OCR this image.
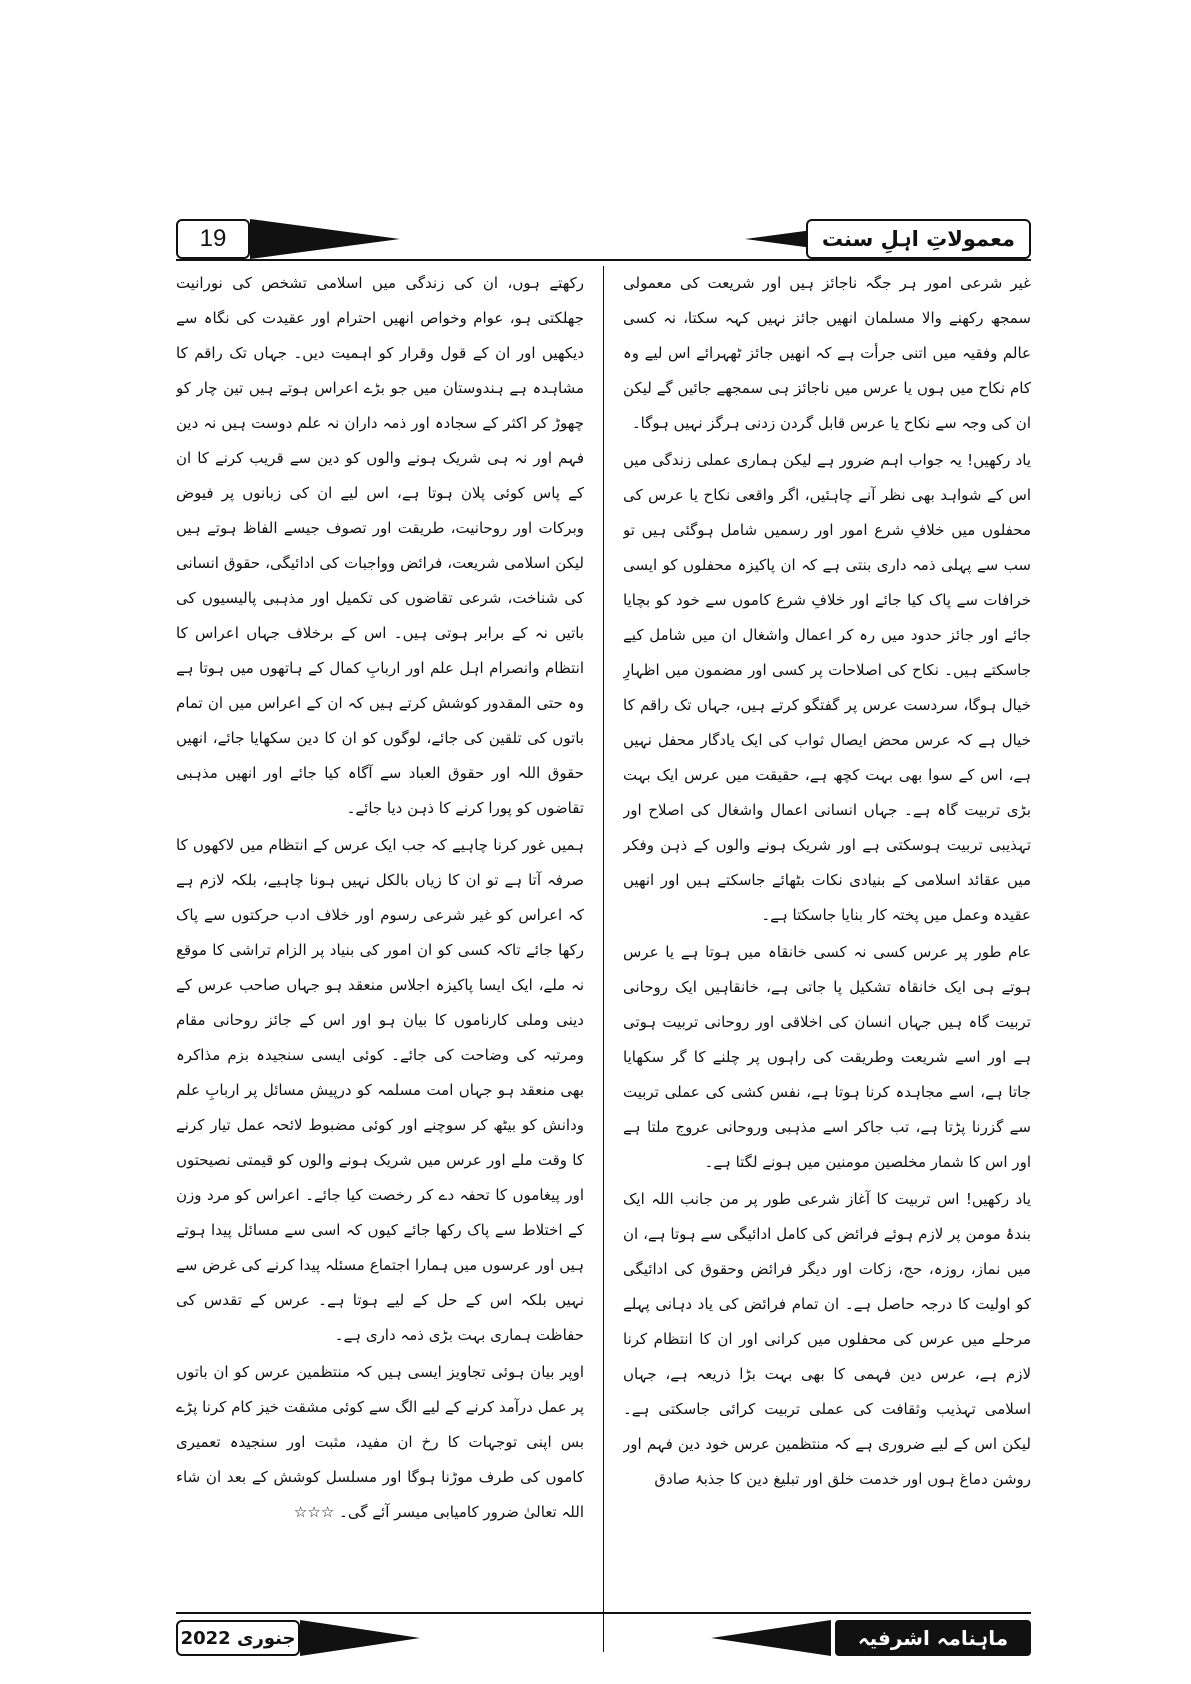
19	معمولاتِ اہلِ سنت

غیر شرعی امور ہر جگہ ناجائز ہیں اور شریعت کی معمولی سمجھ رکھنے والا مسلمان انھیں جائز نہیں کہہ سکتا، نہ کسی عالم وفقیہ میں اتنی جرأت ہے کہ انھیں جائز ٹھہرائے اس لیے وہ کام نکاح میں ہوں یا عرس میں ناجائز ہی سمجھے جائیں گے لیکن ان کی وجہ سے نکاح یا عرس قابل گردن زدنی ہرگز نہیں ہوگا۔

یاد رکھیں! یہ جواب اہم ضرور ہے لیکن ہماری عملی زندگی میں اس کے شواہد بھی نظر آنے چاہئیں، اگر واقعی نکاح یا عرس کی محفلوں میں خلافِ شرع امور اور رسمیں شامل ہوگئی ہیں تو سب سے پہلی ذمہ داری بنتی ہے کہ ان پاکیزہ محفلوں کو ایسی خرافات سے پاک کیا جائے اور خلافِ شرع کاموں سے خود کو بچایا جائے اور جائز حدود میں رہ کر اعمال واشغال ان میں شامل کیے جاسکتے ہیں۔ نکاح کی اصلاحات پر کسی اور مضمون میں اظہارِ خیال ہوگا، سردست عرس پر گفتگو کرتے ہیں، جہاں تک راقم کا خیال ہے کہ عرس محض ایصال ثواب کی ایک یادگار محفل نہیں ہے، اس کے سوا بھی بہت کچھ ہے، حقیقت میں عرس ایک بہت بڑی تربیت گاہ ہے۔ جہاں انسانی اعمال واشغال کی اصلاح اور تہذیبی تربیت ہوسکتی ہے اور شریک ہونے والوں کے ذہن وفکر میں عقائد اسلامی کے بنیادی نکات بٹھائے جاسکتے ہیں اور انھیں عقیدہ وعمل میں پختہ کار بنایا جاسکتا ہے۔

عام طور پر عرس کسی نہ کسی خانقاہ میں ہوتا ہے یا عرس ہوتے ہی ایک خانقاہ تشکیل پا جاتی ہے، خانقاہیں ایک روحانی تربیت گاہ ہیں جہاں انسان کی اخلاقی اور روحانی تربیت ہوتی ہے اور اسے شریعت وطریقت کی راہوں پر چلنے کا گر سکھایا جاتا ہے، اسے مجاہدہ کرنا ہوتا ہے، نفس کشی کی عملی تربیت سے گزرنا پڑتا ہے، تب جاکر اسے مذہبی وروحانی عروج ملتا ہے اور اس کا شمار مخلصین مومنین میں ہونے لگتا ہے۔

یاد رکھیں! اس تربیت کا آغاز شرعی طور پر من جانب اللہ ایک بندۂ مومن پر لازم ہوئے فرائض کی کامل ادائیگی سے ہوتا ہے، ان میں نماز، روزہ، حج، زکات اور دیگر فرائض وحقوق کی ادائیگی کو اولیت کا درجہ حاصل ہے۔ ان تمام فرائض کی یاد دہانی پہلے مرحلے میں عرس کی محفلوں میں کرانی اور ان کا انتظام کرنا لازم ہے، عرس دین فہمی کا بھی بہت بڑا ذریعہ ہے، جہاں اسلامی تہذیب وثقافت کی عملی تربیت کرائی جاسکتی ہے۔ لیکن اس کے لیے ضروری ہے کہ منتظمین عرس خود دین فہم اور روشن دماغ ہوں اور خدمت خلق اور تبلیغ دین کا جذبۂ صادق

رکھتے ہوں، ان کی زندگی میں اسلامی تشخص کی نورانیت جھلکتی ہو، عوام وخواص انھیں احترام اور عقیدت کی نگاہ سے دیکھیں اور ان کے قول وقرار کو اہمیت دیں۔ جہاں تک راقم کا مشاہدہ ہے ہندوستان میں جو بڑے اعراس ہوتے ہیں تین چار کو چھوڑ کر اکثر کے سجادہ اور ذمہ داران نہ علم دوست ہیں نہ دین فہم اور نہ ہی شریک ہونے والوں کو دین سے قریب کرنے کا ان کے پاس کوئی پلان ہوتا ہے، اس لیے ان کی زبانوں پر فیوض وبرکات اور روحانیت، طریقت اور تصوف جیسے الفاظ ہوتے ہیں لیکن اسلامی شریعت، فرائض وواجبات کی ادائیگی، حقوق انسانی کی شناخت، شرعی تقاضوں کی تکمیل اور مذہبی پالیسیوں کی باتیں نہ کے برابر ہوتی ہیں۔ اس کے برخلاف جہاں اعراس کا انتظام وانصرام اہل علم اور اربابِ کمال کے ہاتھوں میں ہوتا ہے وہ حتی المقدور کوشش کرتے ہیں کہ ان کے اعراس میں ان تمام باتوں کی تلقین کی جائے، لوگوں کو ان کا دین سکھایا جائے، انھیں حقوق اللہ اور حقوق العباد سے آگاہ کیا جائے اور انھیں مذہبی تقاضوں کو پورا کرنے کا ذہن دیا جائے۔

ہمیں غور کرنا چاہیے کہ جب ایک عرس کے انتظام میں لاکھوں کا صرفہ آتا ہے تو ان کا زیاں بالکل نہیں ہونا چاہیے، بلکہ لازم ہے کہ اعراس کو غیر شرعی رسوم اور خلاف ادب حرکتوں سے پاک رکھا جائے تاکہ کسی کو ان امور کی بنیاد پر الزام تراشی کا موقع نہ ملے، ایک ایسا پاکیزہ اجلاس منعقد ہو جہاں صاحب عرس کے دینی وملی کارناموں کا بیان ہو اور اس کے جائز روحانی مقام ومرتبہ کی وضاحت کی جائے۔ کوئی ایسی سنجیدہ بزم مذاکرہ بھی منعقد ہو جہاں امت مسلمہ کو درپیش مسائل پر اربابِ علم ودانش کو بیٹھ کر سوچنے اور کوئی مضبوط لائحہ عمل تیار کرنے کا وقت ملے اور عرس میں شریک ہونے والوں کو قیمتی نصیحتوں اور پیغاموں کا تحفہ دے کر رخصت کیا جائے۔ اعراس کو مرد وزن کے اختلاط سے پاک رکھا جائے کیوں کہ اسی سے مسائل پیدا ہوتے ہیں اور عرسوں میں ہمارا اجتماع مسئلہ پیدا کرنے کی غرض سے نہیں بلکہ اس کے حل کے لیے ہوتا ہے۔ عرس کے تقدس کی حفاظت ہماری بہت بڑی ذمہ داری ہے۔

اوپر بیان ہوئی تجاویز ایسی ہیں کہ منتظمین عرس کو ان باتوں پر عمل درآمد کرنے کے لیے الگ سے کوئی مشقت خیز کام کرنا پڑے بس اپنی توجہات کا رخ ان مفید، مثبت اور سنجیدہ تعمیری کاموں کی طرف موڑنا ہوگا اور مسلسل کوشش کے بعد ان شاء اللہ تعالیٰ ضرور کامیابی میسر آئے گی۔ ☆☆☆

جنوری 2022	ماہنامہ اشرفیہ
